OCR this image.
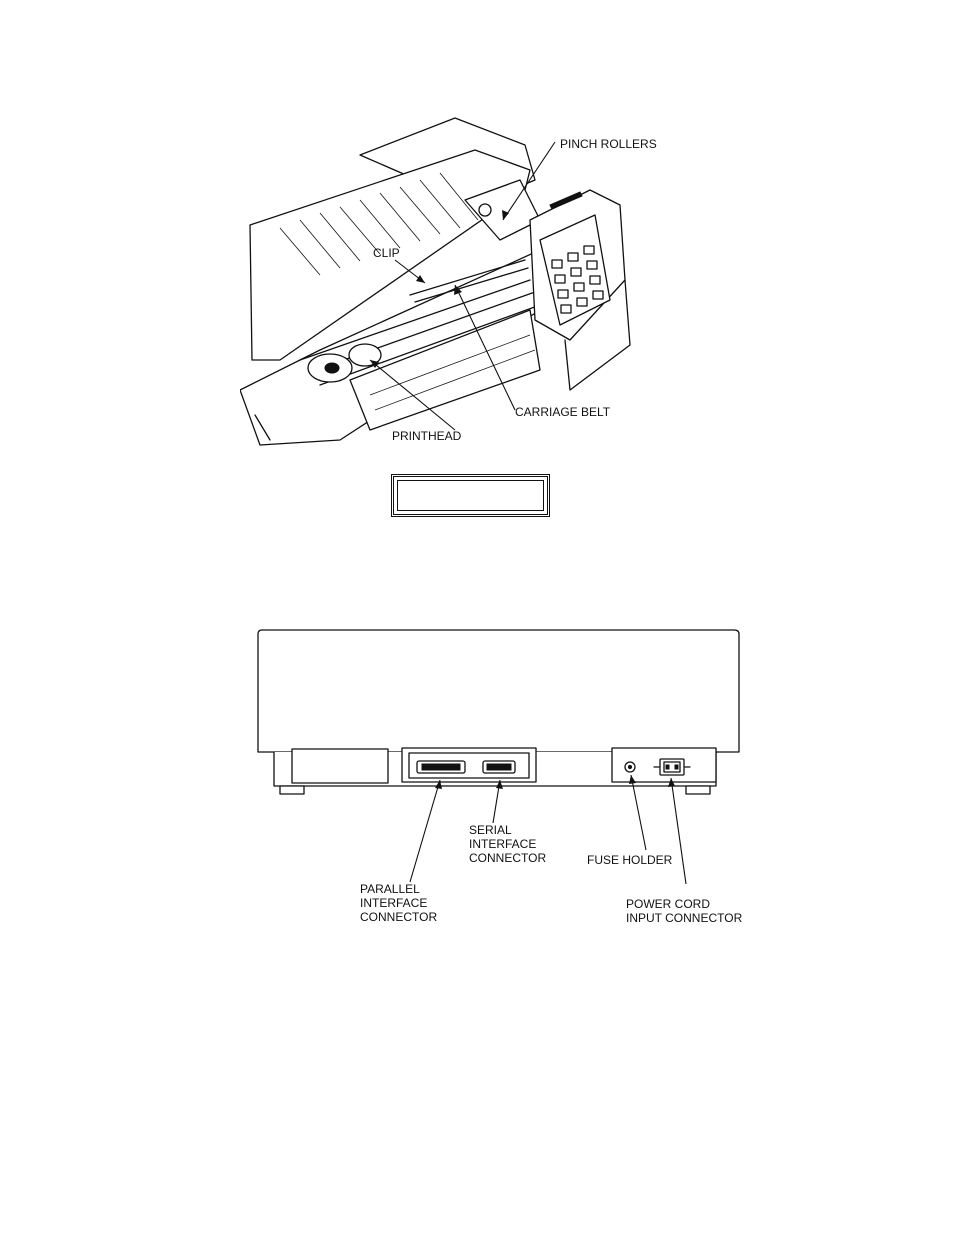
PINCH ROLLERS
CLIP
CARRIAGE BELT
PRINTHEAD
SERIAL INTERFACE CONNECTOR
PARALLEL INTERFACE CONNECTOR
FUSE HOLDER
POWER CORD INPUT CONNECTOR
